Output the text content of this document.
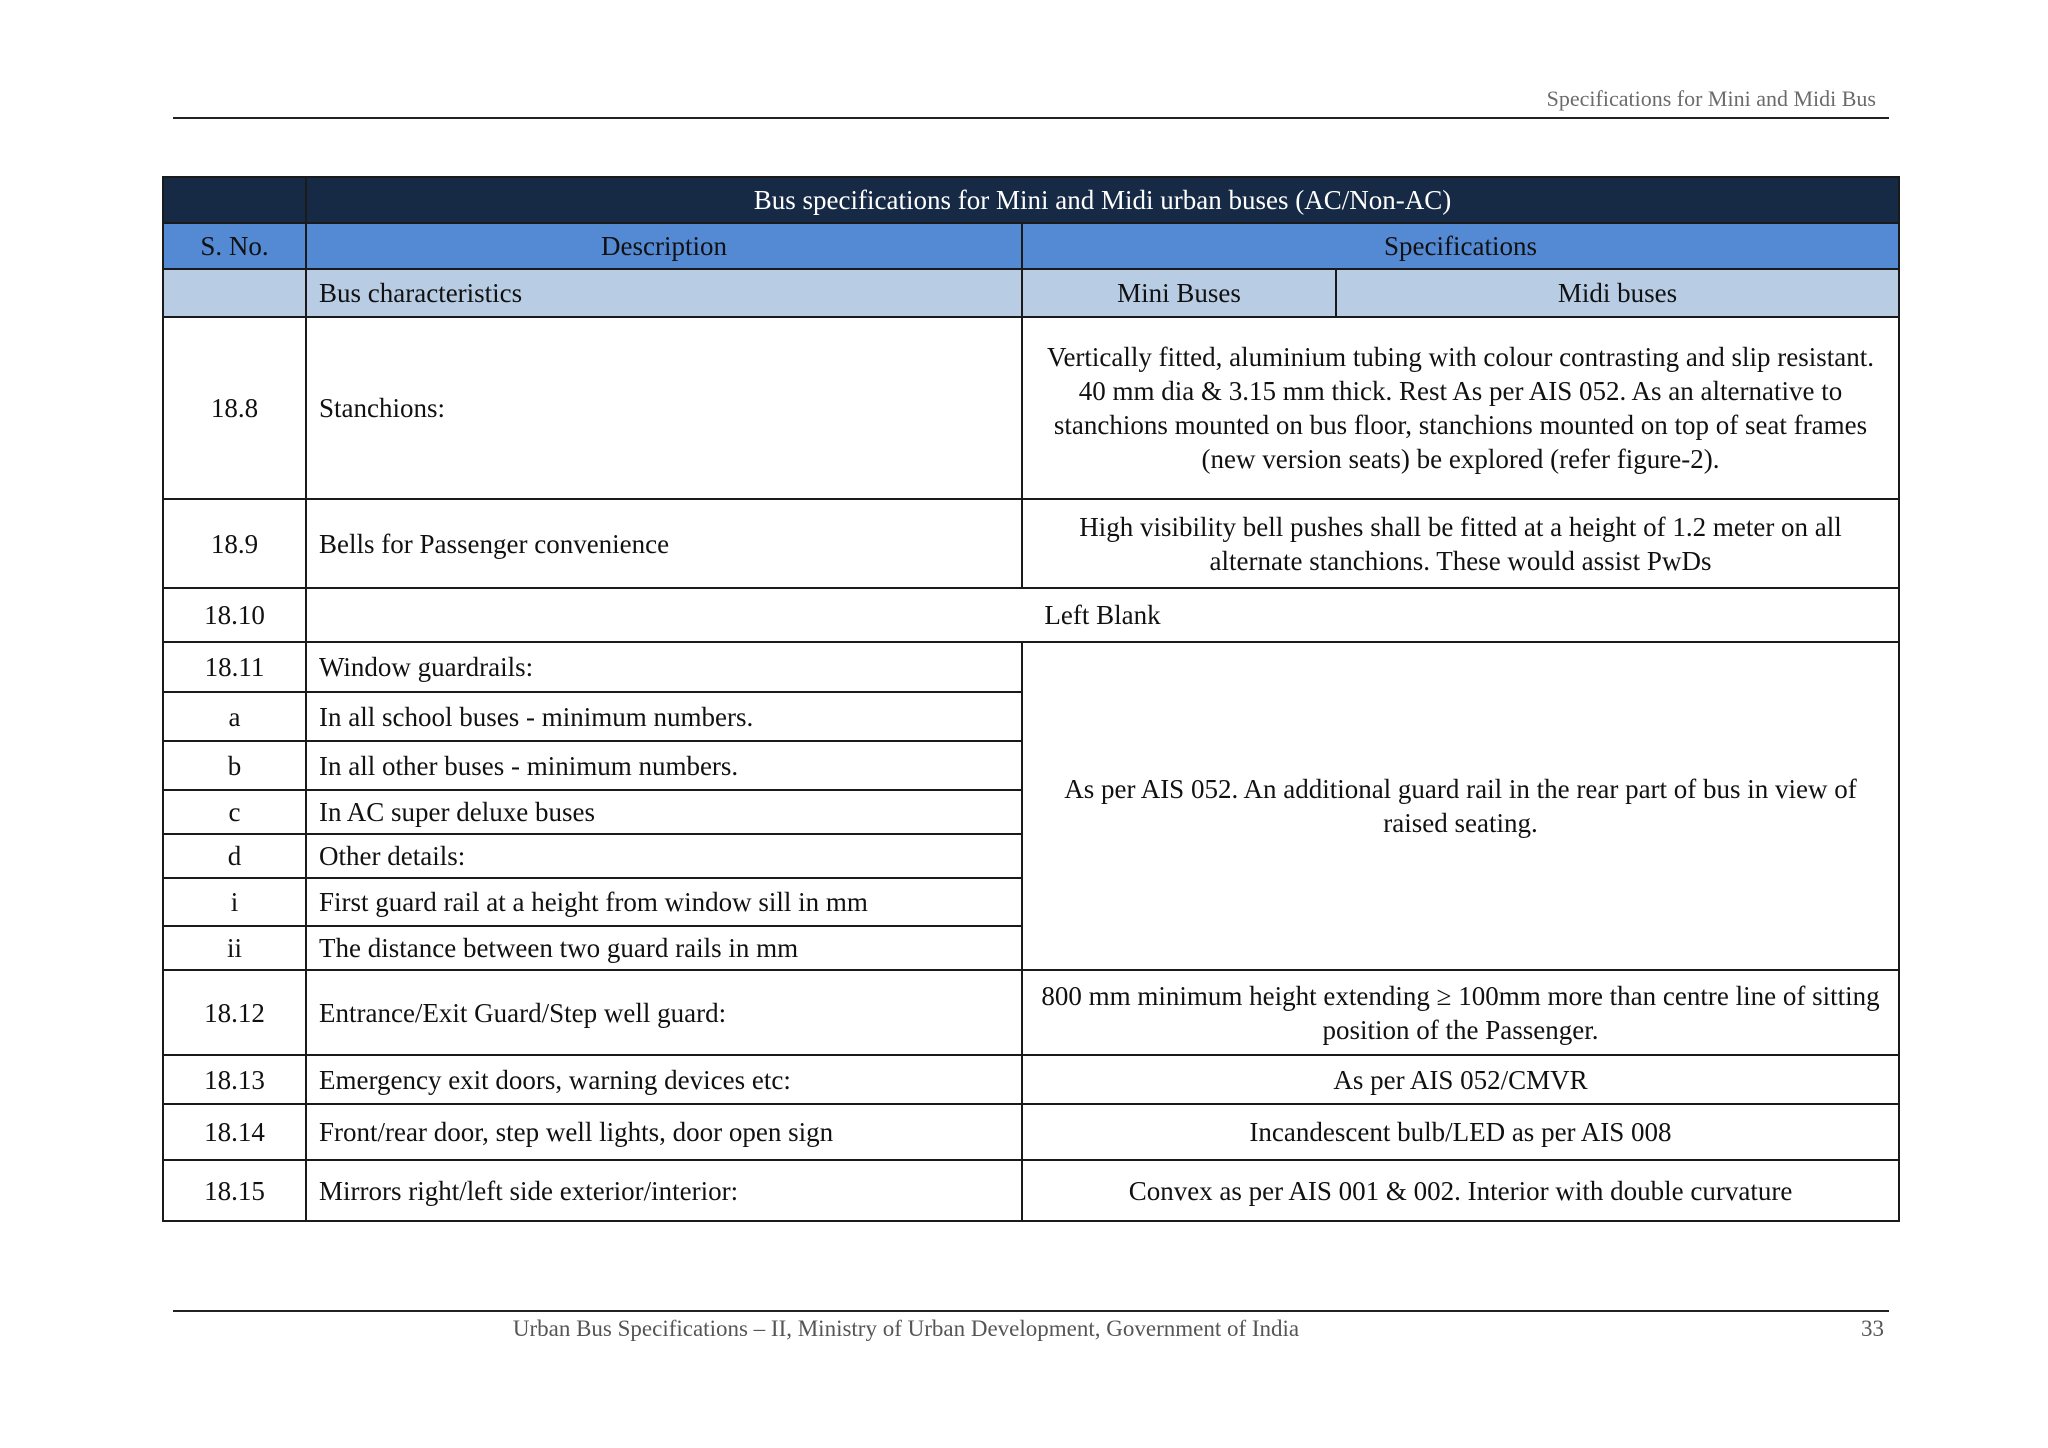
Specifications for Mini and Midi Bus
	Bus specifications for Mini and Midi urban buses (AC/Non-AC)		
S. No.	Description	Specifications	
	Bus characteristics	Mini Buses	Midi buses
18.8	Stanchions:	Vertically fitted, aluminium tubing with colour contrasting and slip resistant. 40 mm dia & 3.15 mm thick. Rest As per AIS 052. As an alternative to stanchions mounted on bus floor, stanchions mounted on top of seat frames (new version seats) be explored (refer figure-2).	
18.9	Bells for Passenger convenience	High visibility bell pushes shall be fitted at a height of 1.2 meter on all alternate stanchions. These would assist PwDs	
18.10	Left Blank		
18.11	Window guardrails:	As per AIS 052. An additional guard rail in the rear part of bus in view of raised seating.	
a	In all school buses - minimum numbers.		
b	In all other buses - minimum numbers.		
c	In AC super deluxe buses		
d	Other details:		
i	First guard rail at a height from window sill in mm		
ii	The distance between two guard rails in mm		
18.12	Entrance/Exit Guard/Step well guard:	800 mm minimum height extending ≥ 100mm more than centre line of sitting position of the Passenger.	
18.13	Emergency exit doors, warning devices etc:	As per AIS 052/CMVR	
18.14	Front/rear door, step well lights, door open sign	Incandescent bulb/LED as per AIS 008	
18.15	Mirrors right/left side exterior/interior:	Convex as per AIS 001 & 002. Interior with double curvature	
Urban Bus Specifications – II, Ministry of Urban Development, Government of India	33
